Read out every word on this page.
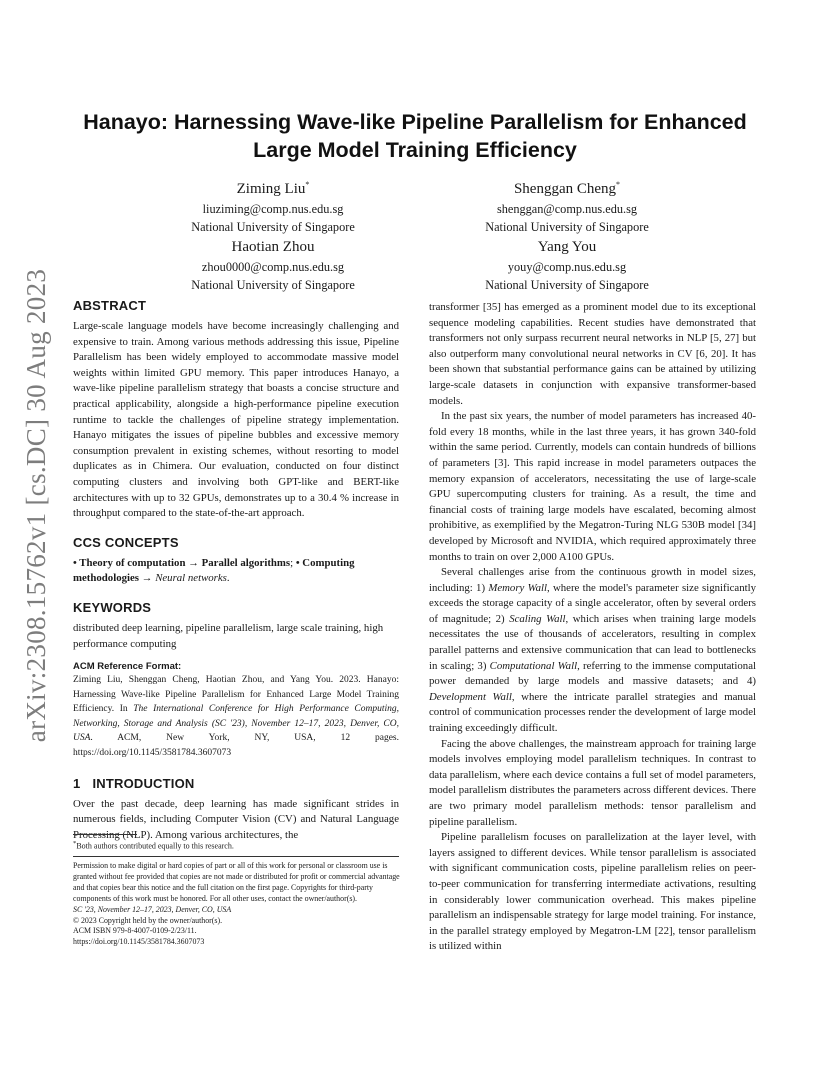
arXiv:2308.15762v1 [cs.DC] 30 Aug 2023
Hanayo: Harnessing Wave-like Pipeline Parallelism for Enhanced Large Model Training Efficiency
Ziming Liu*
liuziming@comp.nus.edu.sg
National University of Singapore
Shenggan Cheng*
shenggan@comp.nus.edu.sg
National University of Singapore
Haotian Zhou
zhou0000@comp.nus.edu.sg
National University of Singapore
Yang You
youy@comp.nus.edu.sg
National University of Singapore
ABSTRACT

Large-scale language models have become increasingly challenging and expensive to train. Among various methods addressing this issue, Pipeline Parallelism has been widely employed to accommodate massive model weights within limited GPU memory. This paper introduces Hanayo, a wave-like pipeline parallelism strategy that boasts a concise structure and practical applicability, alongside a high-performance pipeline execution runtime to tackle the challenges of pipeline strategy implementation. Hanayo mitigates the issues of pipeline bubbles and excessive memory consumption prevalent in existing schemes, without resorting to model duplicates as in Chimera. Our evaluation, conducted on four distinct computing clusters and involving both GPT-like and BERT-like architectures with up to 32 GPUs, demonstrates up to a 30.4 % increase in throughput compared to the state-of-the-art approach.

CCS CONCEPTS

• Theory of computation → Parallel algorithms; • Computing methodologies → Neural networks.

KEYWORDS

distributed deep learning, pipeline parallelism, large scale training, high performance computing

ACM Reference Format:

Ziming Liu, Shenggan Cheng, Haotian Zhou, and Yang You. 2023. Hanayo: Harnessing Wave-like Pipeline Parallelism for Enhanced Large Model Training Efficiency. In The International Conference for High Performance Computing, Networking, Storage and Analysis (SC '23), November 12–17, 2023, Denver, CO, USA. ACM, New York, NY, USA, 12 pages. https://doi.org/10.1145/3581784.3607073

1 INTRODUCTION

Over the past decade, deep learning has made significant strides in numerous fields, including Computer Vision (CV) and Natural Language Processing (NLP). Among various architectures, the

*Both authors contributed equally to this research.

Permission to make digital or hard copies of part or all of this work for personal or classroom use is granted without fee provided that copies are not made or distributed for profit or commercial advantage and that copies bear this notice and the full citation on the first page. Copyrights for third-party components of this work must be honored. For all other uses, contact the owner/author(s).

SC '23, November 12–17, 2023, Denver, CO, USA

© 2023 Copyright held by the owner/author(s).

ACM ISBN 979-8-4007-0109-2/23/11.

https://doi.org/10.1145/3581784.3607073

transformer [35] has emerged as a prominent model due to its exceptional sequence modeling capabilities. Recent studies have demonstrated that transformers not only surpass recurrent neural networks in NLP [5, 27] but also outperform many convolutional neural networks in CV [6, 20]. It has been shown that substantial performance gains can be attained by utilizing large-scale datasets in conjunction with expansive transformer-based models.

In the past six years, the number of model parameters has increased 40-fold every 18 months, while in the last three years, it has grown 340-fold within the same period. Currently, models can contain hundreds of billions of parameters [3]. This rapid increase in model parameters outpaces the memory expansion of accelerators, necessitating the use of large-scale GPU supercomputing clusters for training. As a result, the time and financial costs of training large models have escalated, becoming almost prohibitive, as exemplified by the Megatron-Turing NLG 530B model [34] developed by Microsoft and NVIDIA, which required approximately three months to train on over 2,000 A100 GPUs.

Several challenges arise from the continuous growth in model sizes, including: 1) Memory Wall, where the model's parameter size significantly exceeds the storage capacity of a single accelerator, often by several orders of magnitude; 2) Scaling Wall, which arises when training large models necessitates the use of thousands of accelerators, resulting in complex parallel patterns and extensive communication that can lead to bottlenecks in scaling; 3) Computational Wall, referring to the immense computational power demanded by large models and massive datasets; and 4) Development Wall, where the intricate parallel strategies and manual control of communication processes render the development of large model training exceedingly difficult.

Facing the above challenges, the mainstream approach for training large models involves employing model parallelism techniques. In contrast to data parallelism, where each device contains a full set of model parameters, model parallelism distributes the parameters across different devices. There are two primary model parallelism methods: tensor parallelism and pipeline parallelism.

Pipeline parallelism focuses on parallelization at the layer level, with layers assigned to different devices. While tensor parallelism is associated with significant communication costs, pipeline parallelism relies on peer-to-peer communication for transferring intermediate activations, resulting in considerably lower communication overhead. This makes pipeline parallelism an indispensable strategy for large model training. For instance, in the parallel strategy employed by Megatron-LM [22], tensor parallelism is utilized within
